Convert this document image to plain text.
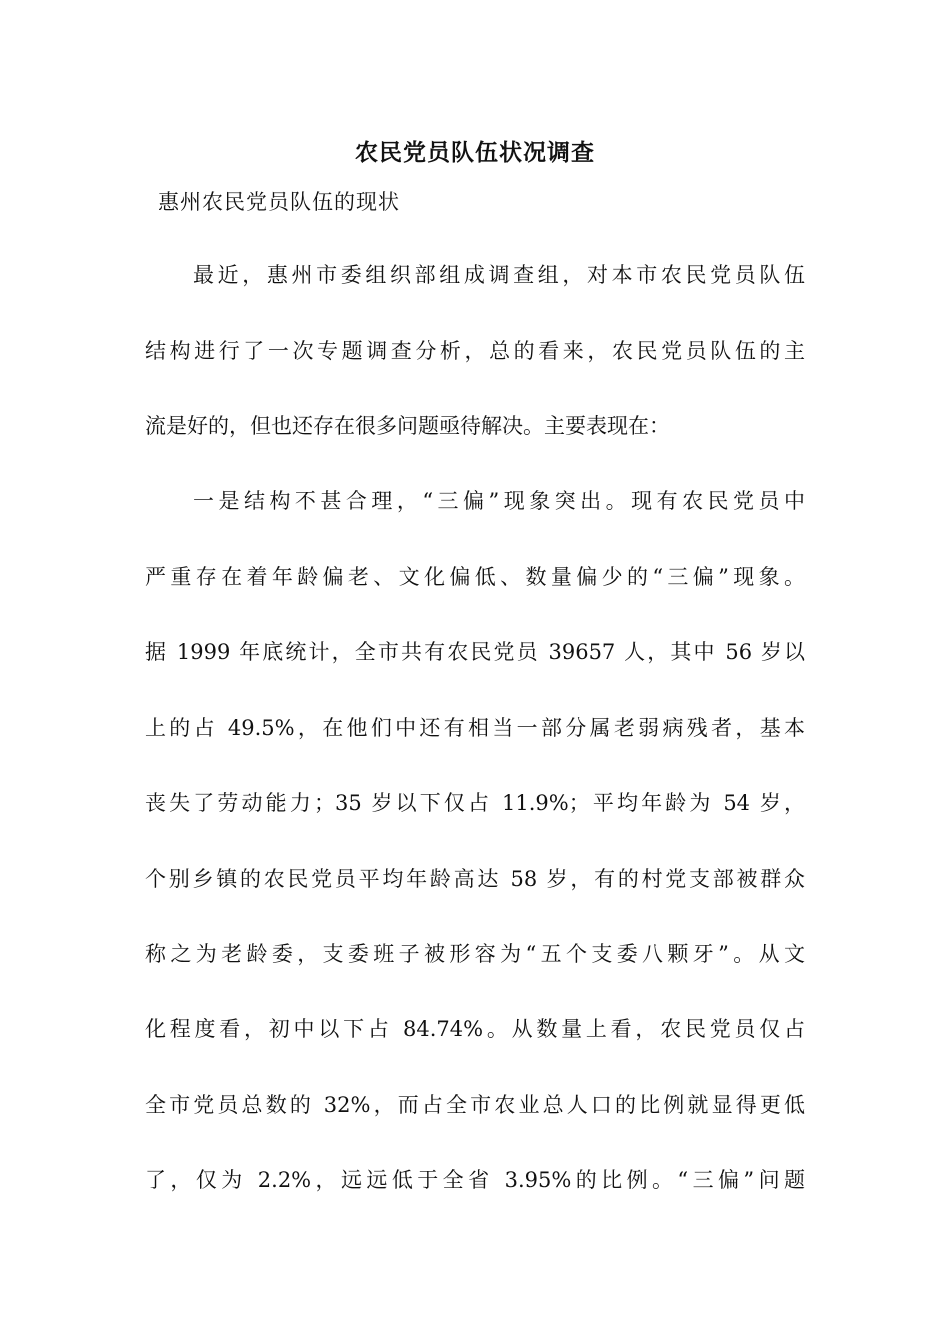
农民党员队伍状况调查
惠州农民党员队伍的现状
最近，惠州市委组织部组成调查组，对本市农民党员队伍
结构进行了一次专题调查分析，总的看来，农民党员队伍的主
流是好的，但也还存在很多问题亟待解决。主要表现在：
一是结构不甚合理，“三偏”现象突出。现有农民党员中
严重存在着年龄偏老、文化偏低、数量偏少的“三偏”现象。
据 1999 年底统计，全市共有农民党员 39657 人，其中 56 岁以
上的占 49.5%，在他们中还有相当一部分属老弱病残者，基本
丧失了劳动能力；35 岁以下仅占 11.9%；平均年龄为 54 岁，
个别乡镇的农民党员平均年龄高达 58 岁，有的村党支部被群众
称之为老龄委，支委班子被形容为“五个支委八颗牙”。从文
化程度看，初中以下占 84.74%。从数量上看，农民党员仅占
全市党员总数的 32%，而占全市农业总人口的比例就显得更低
了，仅为 2.2%，远远低于全省 3.95%的比例。“三偏”问题
